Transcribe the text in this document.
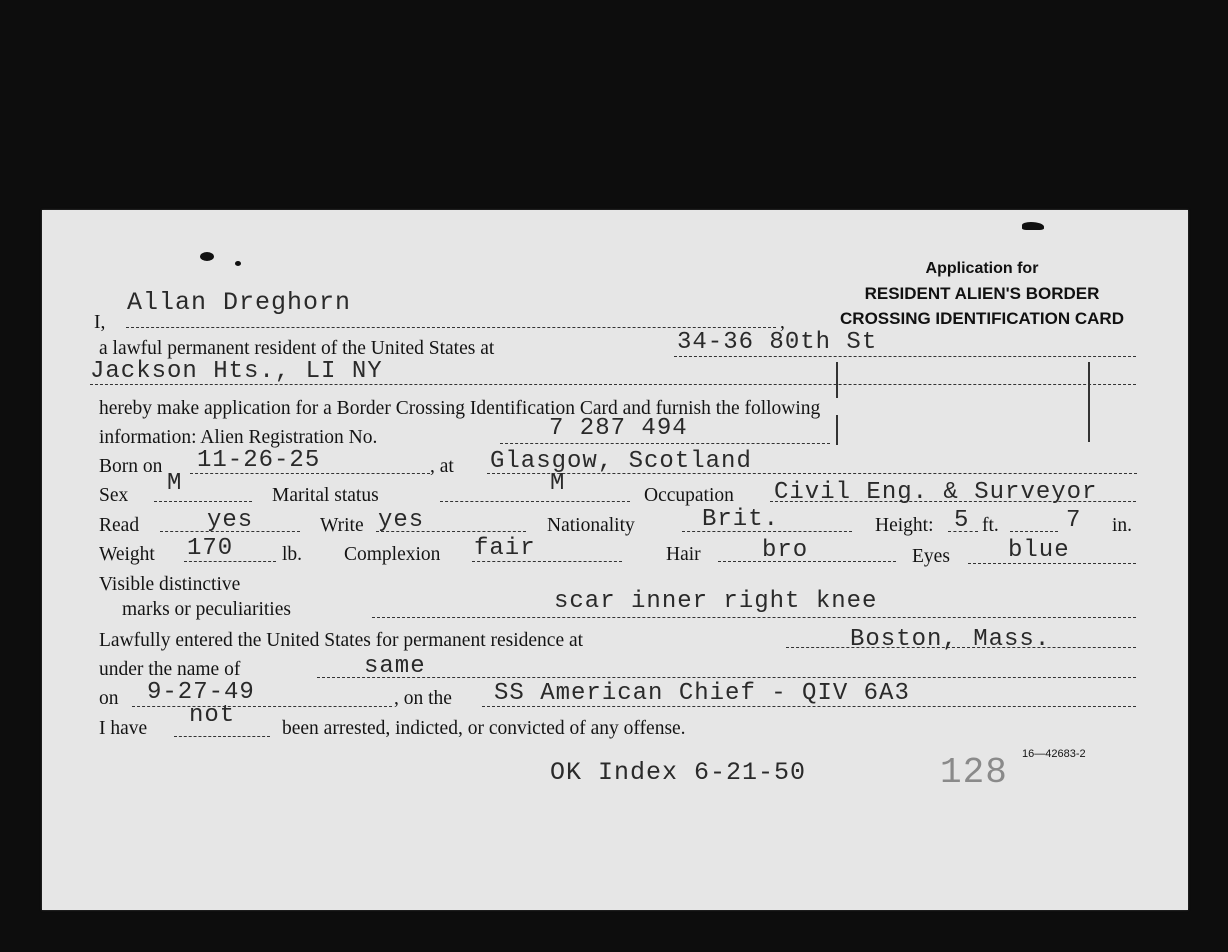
Application for
RESIDENT ALIEN'S BORDER
CROSSING IDENTIFICATION CARD
I,	,
Allan Dreghorn
a lawful permanent resident of the United States at	34-36 80th St
Jackson Hts., LI NY
hereby make application for a Border Crossing Identification Card and furnish the following
information: Alien Registration No.	7 287 494
Born on 11-26-25	, at Glasgow, Scotland
Sex M	Marital status	M	Occupation Civil Eng. & Surveyor
Read	yes	Write yes	Nationality	Brit.	Height: 5 ft.	7 in.
Weight 170	lb. Complexion fair	Hair	bro	Eyes blue
Visible distinctive
marks or peculiarities	scar inner right knee
Lawfully entered the United States for permanent residence at	Boston, Mass.
under the name of	same
on 9-27-49	, on the SS American Chief - QIV 6A3
I have not been arrested, indicted, or convicted of any offense.
OK Index 6-21-50	128 16—42683-2
